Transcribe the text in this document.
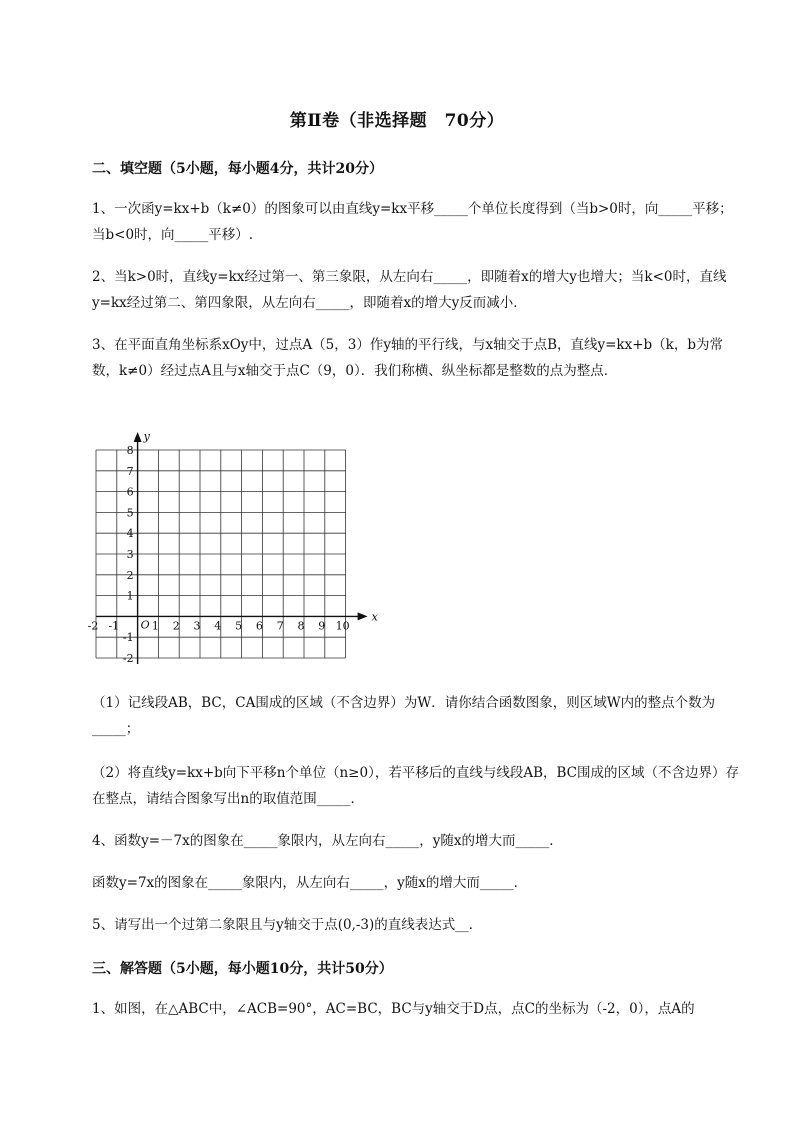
第Ⅱ卷（非选择题　70分）
二、填空题（5小题，每小题4分，共计20分）
1、一次函y=kx+b（k≠0）的图象可以由直线y=kx平移_____个单位长度得到（当b>0时，向_____平移；当b<0时，向_____平移）.
2、当k>0时，直线y=kx经过第一、第三象限，从左向右_____，即随着x的增大y也增大；当k<0时，直线y=kx经过第二、第四象限，从左向右_____，即随着x的增大y反而减小．
3、在平面直角坐标系xOy中，过点A（5，3）作y轴的平行线，与x轴交于点B，直线y=kx+b（k，b为常数，k≠0）经过点A且与x轴交于点C（9，0）．我们称横、纵坐标都是整数的点为整点．
x
y
O
-2 -1	1 2 3 4 5 6 7 8 9 10
8
7
6
5
4
3
2
1
-1
-2
（1）记线段AB，BC，CA围成的区域（不含边界）为W．请你结合函数图象，则区域W内的整点个数为_____；
（2）将直线y=kx+b向下平移n个单位（n≥0），若平移后的直线与线段AB，BC围成的区域（不含边界）存在整点，请结合图象写出n的取值范围_____．
4、函数y=－7x的图象在_____象限内，从左向右_____，y随x的增大而_____．
函数y=7x的图象在_____象限内，从左向右_____，y随x的增大而_____．
5、请写出一个过第二象限且与y轴交于点(0,-3)的直线表达式__．
三、解答题（5小题，每小题10分，共计50分）
1、如图，在△ABC中，∠ACB=90°，AC=BC，BC与y轴交于D点，点C的坐标为（-2，0），点A的
